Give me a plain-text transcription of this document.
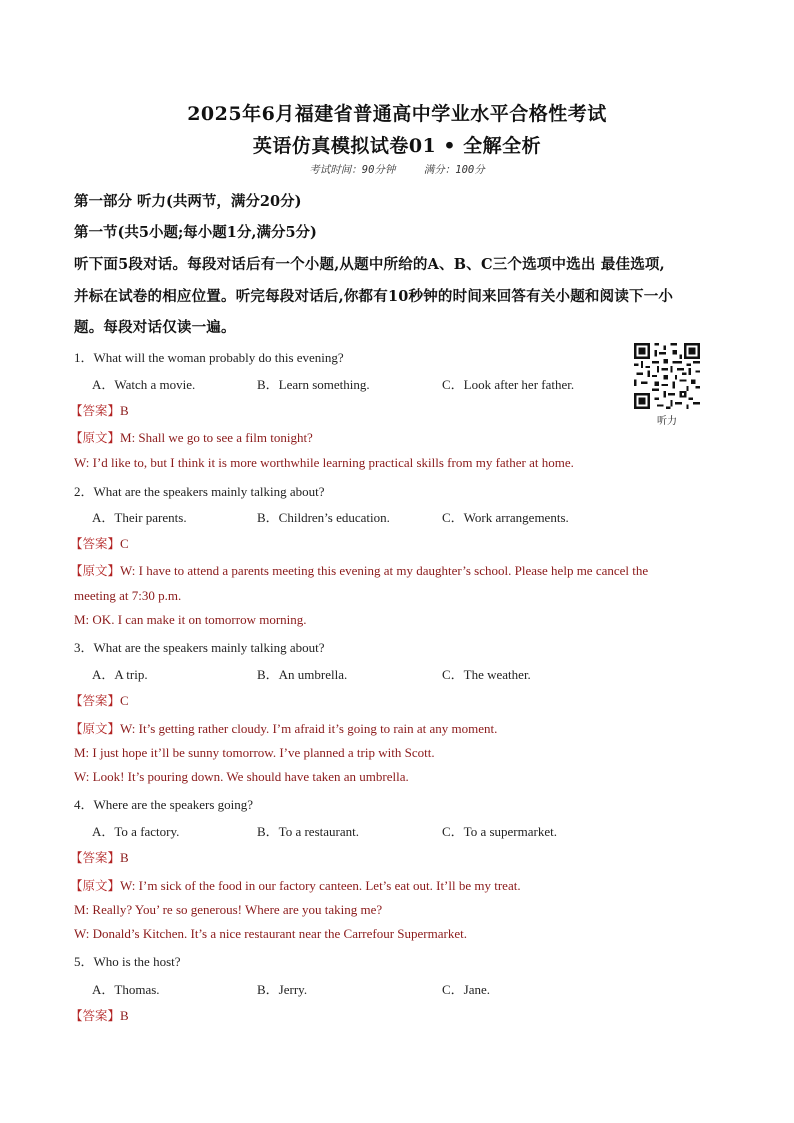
2025年6月福建省普通高中学业水平合格性考试
英语仿真模拟试卷01 • 全解全析
考试时间：90分钟	满分：100分
第一部分 听力(共两节，满分20分)
第一节(共5小题;每小题1分,满分5分)
听下面5段对话。每段对话后有一个小题,从题中所给的A、B、C三个选项中选出 最佳选项,
并标在试卷的相应位置。听完每段对话后,你都有10秒钟的时间来回答有关小题和阅读下一小
题。每段对话仅读一遍。
听力
1．What will the woman probably do this evening?
A．Watch a movie.	B．Learn something.	C．Look after her father.
【答案】B
【原文】M: Shall we go to see a film tonight?
W: I’d like to, but I think it is more worthwhile learning practical skills from my father at home.
2．What are the speakers mainly talking about?
A．Their parents.	B．Children’s education.	C．Work arrangements.
【答案】C
【原文】W: I have to attend a parents meeting this evening at my daughter’s school. Please help me cancel the
meeting at 7:30 p.m.
M: OK. I can make it on tomorrow morning.
3．What are the speakers mainly talking about?
A．A trip.	B．An umbrella.	C．The weather.
【答案】C
【原文】W: It’s getting rather cloudy. I’m afraid it’s going to rain at any moment.
M: I just hope it’ll be sunny tomorrow. I’ve planned a trip with Scott.
W: Look! It’s pouring down. We should have taken an umbrella.
4．Where are the speakers going?
A．To a factory.	B．To a restaurant.	C．To a supermarket.
【答案】B
【原文】W: I’m sick of the food in our factory canteen. Let’s eat out. It’ll be my treat.
M: Really? You’ re so generous! Where are you taking me?
W: Donald’s Kitchen. It’s a nice restaurant near the Carrefour Supermarket.
5．Who is the host?
A．Thomas.	B．Jerry.	C．Jane.
【答案】B
